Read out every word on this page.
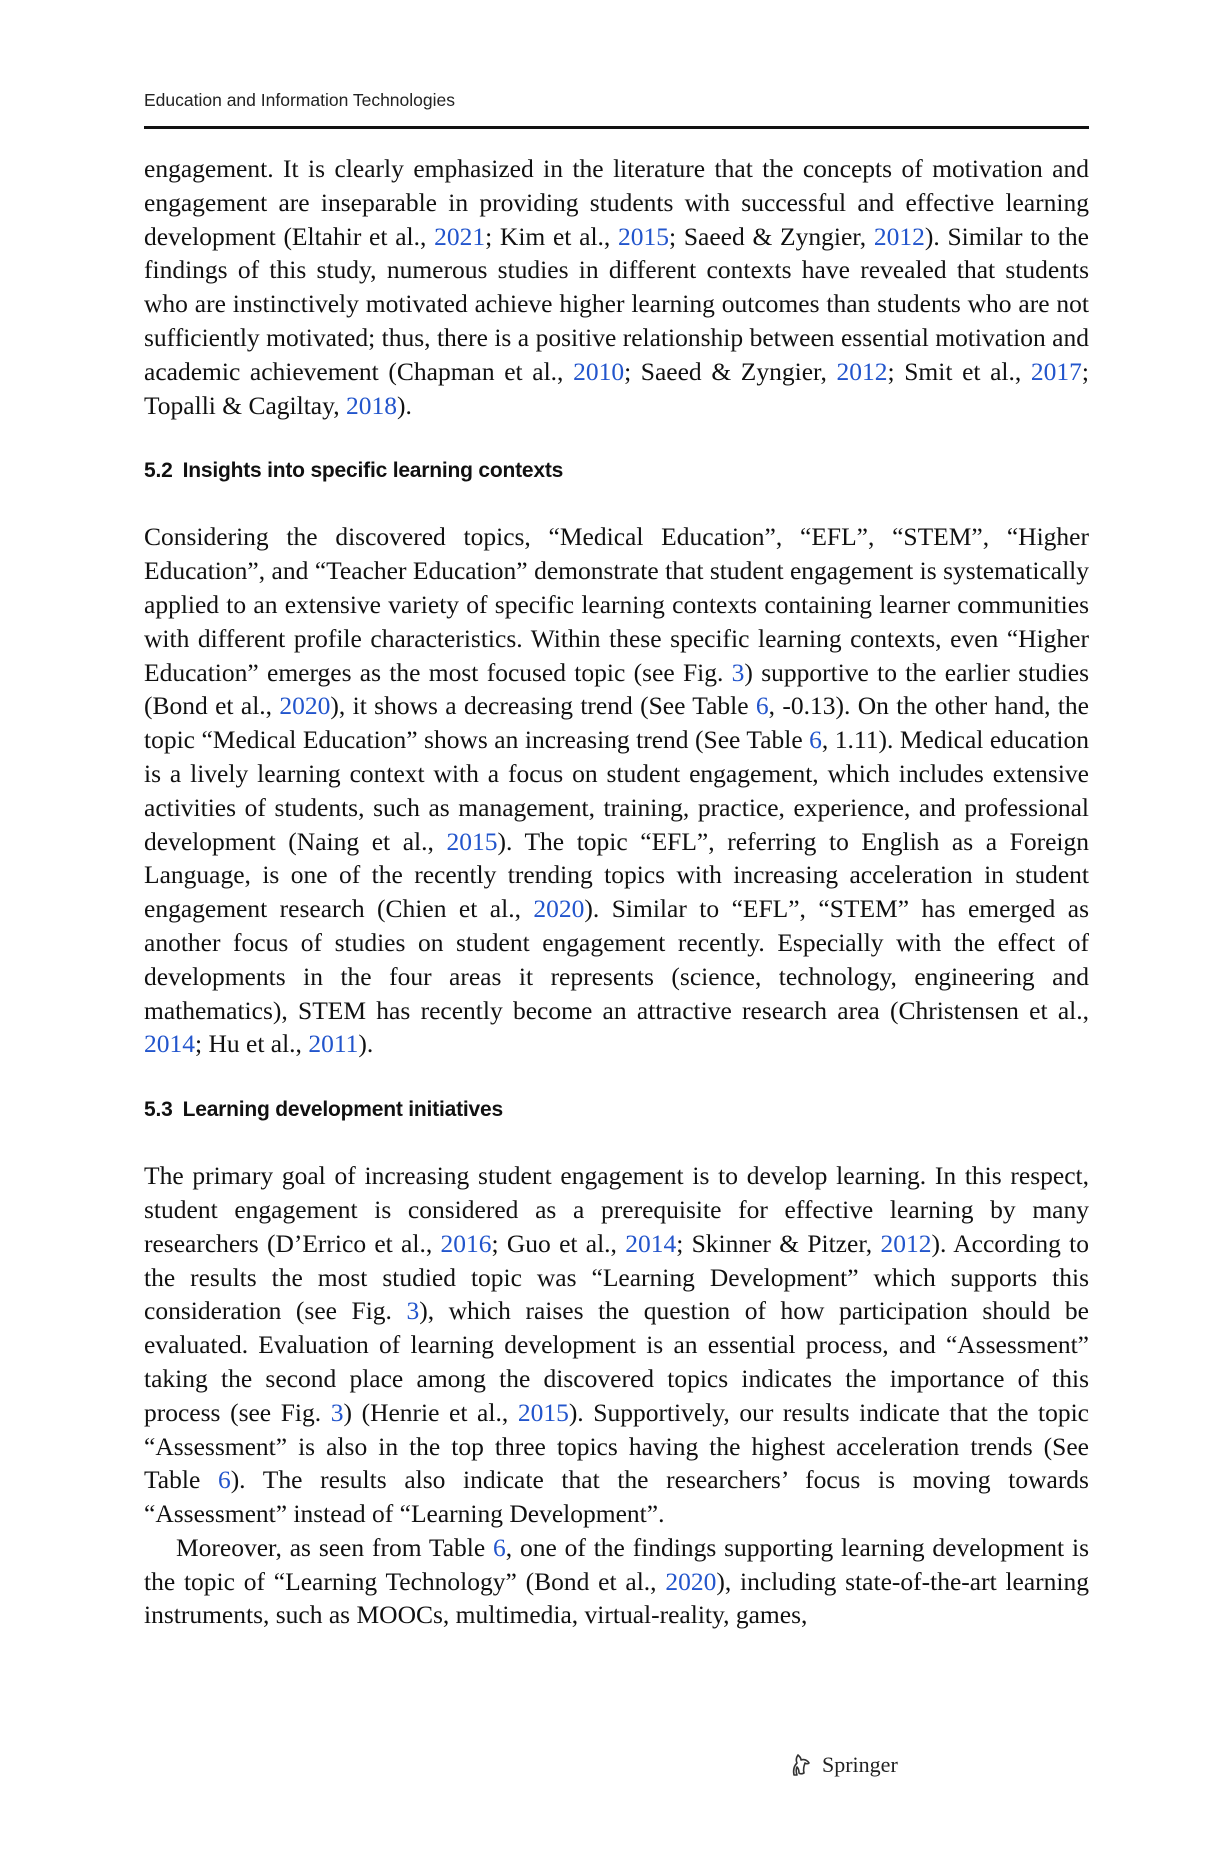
Education and Information Technologies

engagement. It is clearly emphasized in the literature that the concepts of motivation and engagement are inseparable in providing students with successful and effective learning development (Eltahir et al., 2021; Kim et al., 2015; Saeed & Zyngier, 2012). Similar to the findings of this study, numerous studies in different contexts have revealed that students who are instinctively motivated achieve higher learning outcomes than students who are not sufficiently motivated; thus, there is a positive relationship between essential motivation and academic achievement (Chapman et al., 2010; Saeed & Zyngier, 2012; Smit et al., 2017; Topalli & Cagiltay, 2018).

5.2 Insights into specific learning contexts

Considering the discovered topics, “Medical Education”, “EFL”, “STEM”, “Higher Education”, and “Teacher Education” demonstrate that student engagement is systematically applied to an extensive variety of specific learning contexts containing learner communities with different profile characteristics. Within these specific learning contexts, even “Higher Education” emerges as the most focused topic (see Fig. 3) supportive to the earlier studies (Bond et al., 2020), it shows a decreasing trend (See Table 6, -0.13). On the other hand, the topic “Medical Education” shows an increasing trend (See Table 6, 1.11). Medical education is a lively learning context with a focus on student engagement, which includes extensive activities of students, such as management, training, practice, experience, and professional development (Naing et al., 2015). The topic “EFL”, referring to English as a Foreign Language, is one of the recently trending topics with increasing acceleration in student engagement research (Chien et al., 2020). Similar to “EFL”, “STEM” has emerged as another focus of studies on student engagement recently. Especially with the effect of developments in the four areas it represents (science, technology, engineering and mathematics), STEM has recently become an attractive research area (Christensen et al., 2014; Hu et al., 2011).

5.3 Learning development initiatives

The primary goal of increasing student engagement is to develop learning. In this respect, student engagement is considered as a prerequisite for effective learning by many researchers (D’Errico et al., 2016; Guo et al., 2014; Skinner & Pitzer, 2012). According to the results the most studied topic was “Learning Development” which supports this consideration (see Fig. 3), which raises the question of how participation should be evaluated. Evaluation of learning development is an essential process, and “Assessment” taking the second place among the discovered topics indicates the importance of this process (see Fig. 3) (Henrie et al., 2015). Supportively, our results indicate that the topic “Assessment” is also in the top three topics having the highest acceleration trends (See Table 6). The results also indicate that the researchers’ focus is moving towards “Assessment” instead of “Learning Development”.

Moreover, as seen from Table 6, one of the findings supporting learning development is the topic of “Learning Technology” (Bond et al., 2020), including state-of-the-art learning instruments, such as MOOCs, multimedia, virtual-reality, games,

Springer
